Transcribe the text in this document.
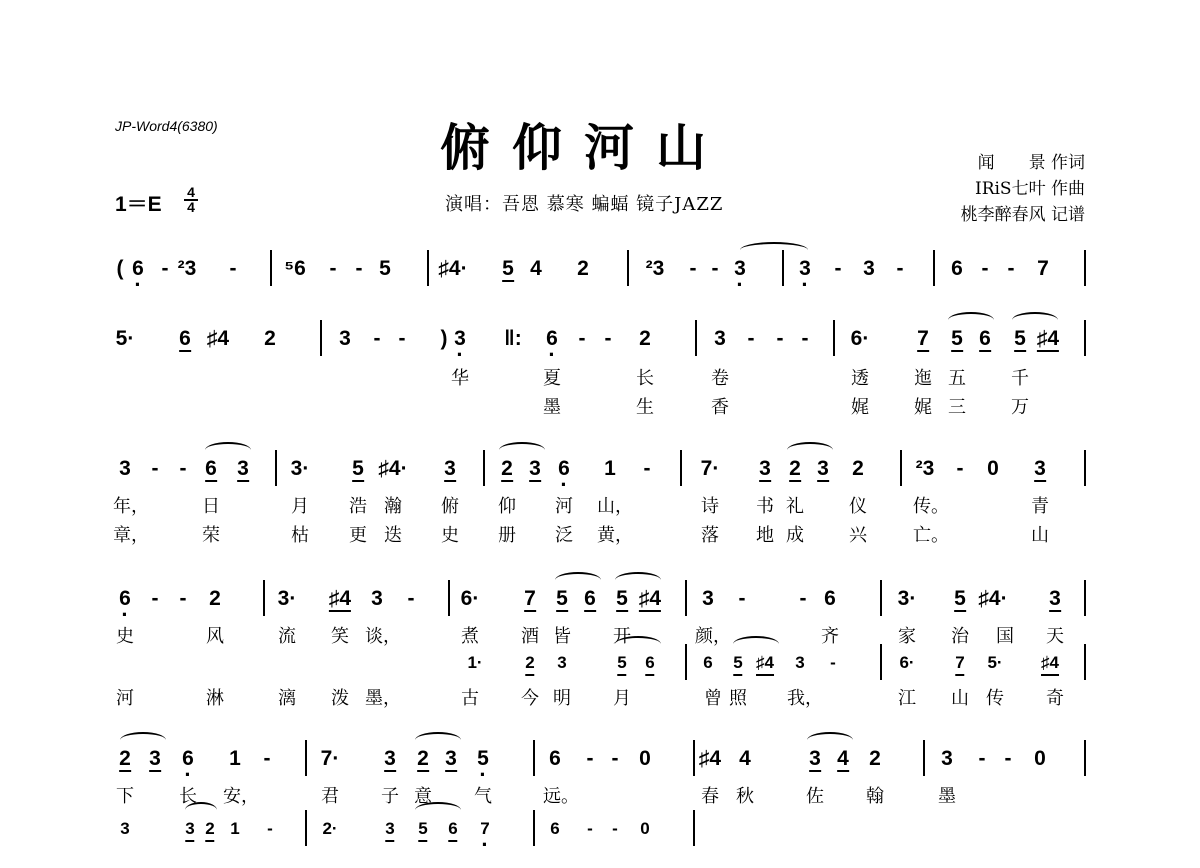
JP-Word4(6380)	俯仰河山
演唱：吾恩 慕寒 蝙蝠 镜子JAZZ
闻　　景 作词
IRiS七叶 作曲
桃李醉春风 记谱
1＝E
4
4
( · 6 - ²3 - ⁵6 - - 5 ♯4· 5 4 2	²3 - - · 3	· 3 - 3 - 6 - - 7
5· 6 ♯4 2	3 - - ) · 3 ‖: · 6 - - 2	3 - - - 6· 7 5 6 5 ♯4
3 - - 6 3 3· 5 ♯4· 3 2 3 · 6 1 - 7· 3 2 3 2 ²3 - 0 3
· 6 - - 2	3· ♯4 3 - 6· 7 5 6 5 ♯4 3 -	- 6	3· 5 ♯4· 3
1·	2 3	5 6	6 5 ♯4 3 -	6· 7 5· ♯4
2 3 · 6 1 - 7· 3 2 3 · 5	6 - - 0 ♯4 4	3 4 2	3 - - 0
3	3 2 1 -	2·	3 5 6 · 7	6 - - 0
华	夏	长	卷	透	迤 五	千
墨	生	香	娓	娓 三	万
年，	日	月 浩 瀚 俯 仰 河 山，	诗 书 礼	仪	传。	青
章，	荣	枯 更 迭 史 册 泛 黄，	落 地 成	兴	亡。	山
史	风	流 笑 谈，	煮 酒 皆 开	颜，	齐	家 治 国 天
河	淋	漓 泼 墨，	古 今 明 月	曾 照 我，	江 山 传 奇
下	长 安，	君 子 意 气	远。	春 秋	佐 翰	墨
